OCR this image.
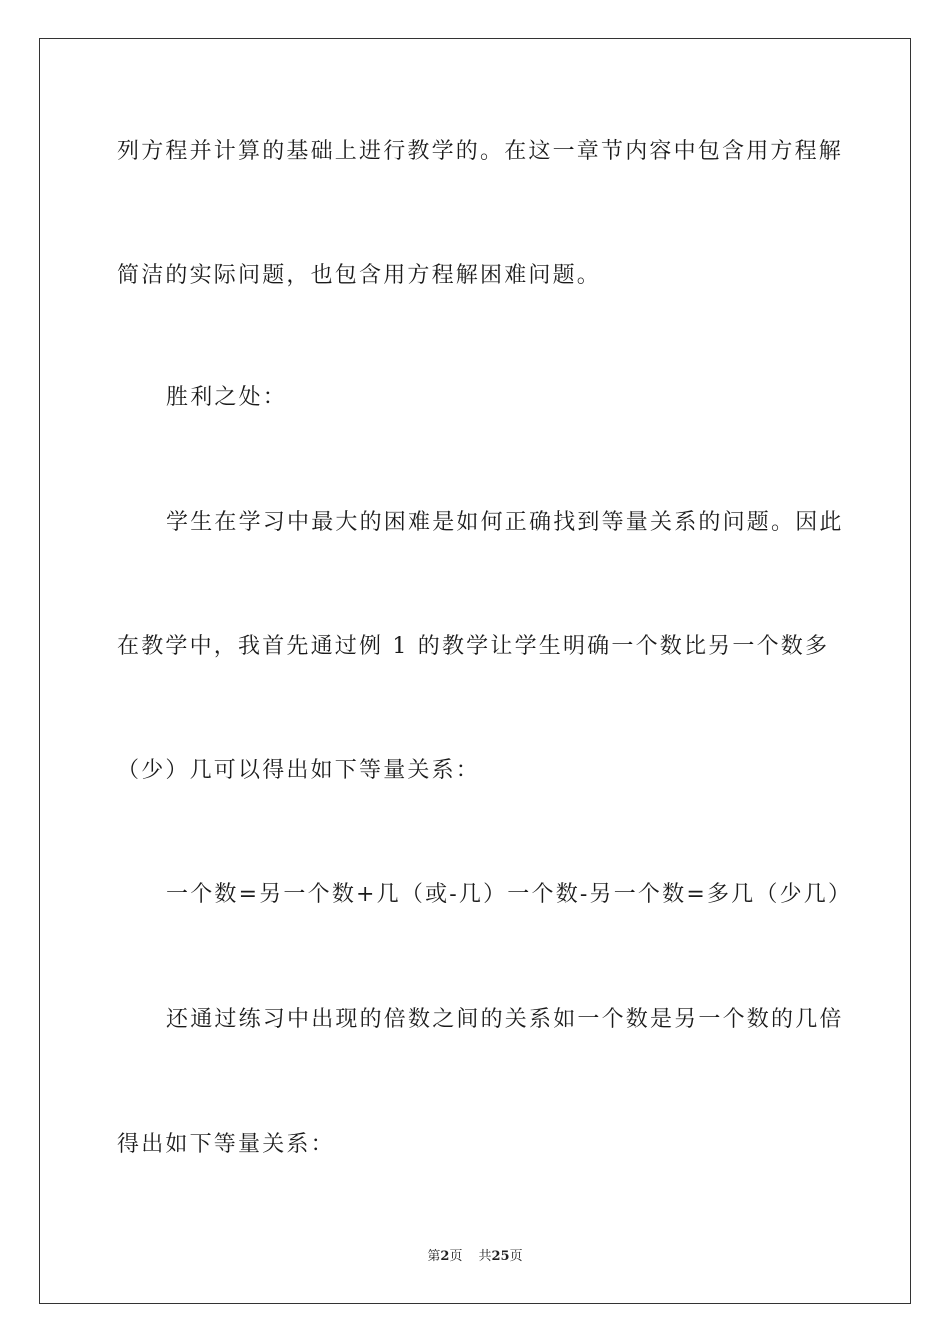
列方程并计算的基础上进行教学的。在这一章节内容中包含用方程解
简洁的实际问题，也包含用方程解困难问题。
胜利之处：
学生在学习中最大的困难是如何正确找到等量关系的问题。因此
在教学中，我首先通过例 1 的教学让学生明确一个数比另一个数多
（少）几可以得出如下等量关系：
一个数=另一个数+几（或-几）一个数-另一个数=多几（少几）
还通过练习中出现的倍数之间的关系如一个数是另一个数的几倍
得出如下等量关系：
第2页 共25页
